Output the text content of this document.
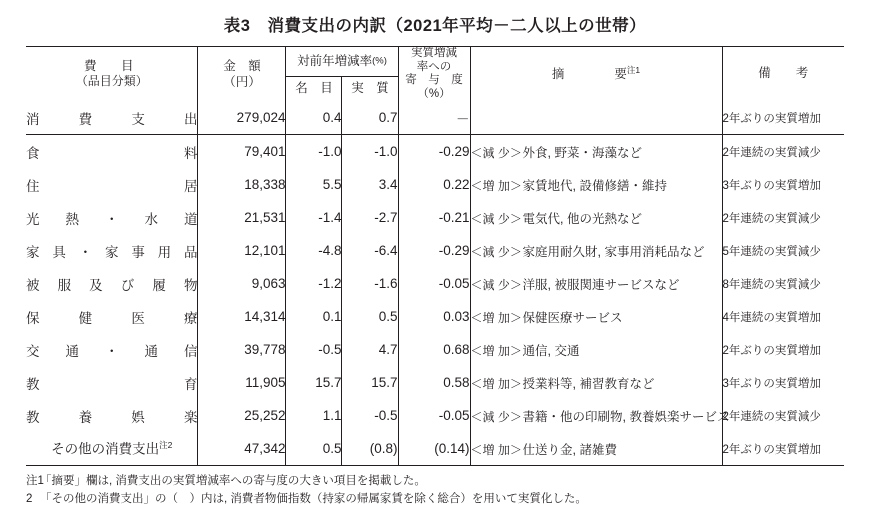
表3　消費支出の内訳（2021年平均－二人以上の世帯）
費　目
（品目分類）

金　額
（円）
	対前年増減率(%)	
実質増減
率への
寄　与　度
（%）
	摘　　　　要$^{注1}$	備　　考
		名　目	実　質			

消費支出	279,024	0.4	0.7	－		2年ぶりの実質増加

食　　料	79,401	-1.0	-1.0	-0.29	＜減 少＞外食, 野菜・海藻など	2年連続の実質減少

住　　居	18,338	5.5	3.4	0.22	＜増 加＞家賃地代, 設備修繕・維持	3年ぶりの実質増加

光熱・水道	21,531	-1.4	-2.7	-0.21	＜減 少＞電気代, 他の光熱など	2年連続の実質減少

家具・家事用品	12,101	-4.8	-6.4	-0.29	＜減 少＞家庭用耐久財, 家事用消耗品など	5年連続の実質減少

被服及び履物	9,063	-1.2	-1.6	-0.05	＜減 少＞洋服, 被服関連サービスなど	8年連続の実質減少

保健医療	14,314	0.1	0.5	0.03	＜増 加＞保健医療サービス	4年連続の実質増加

交通・通信	39,778	-0.5	4.7	0.68	＜増 加＞通信, 交通	2年ぶりの実質増加

教　　育	11,905	15.7	15.7	0.58	＜増 加＞授業料等, 補習教育など	3年ぶりの実質増加

教養娯楽	25,252	1.1	-0.5	-0.05	＜減 少＞書籍・他の印刷物, 教養娯楽サービス	2年連続の実質減少

その他の消費支出$^{注2}$	47,342	0.5	(0.8)	(0.14)	＜増 加＞仕送り金, 諸雑費	2年ぶりの実質増加
注1「摘要」欄は, 消費支出の実質増減率への寄与度の大きい項目を掲載した。
2 「その他の消費支出」の（　）内は, 消費者物価指数（持家の帰属家賃を除く総合）を用いて実質化した。
